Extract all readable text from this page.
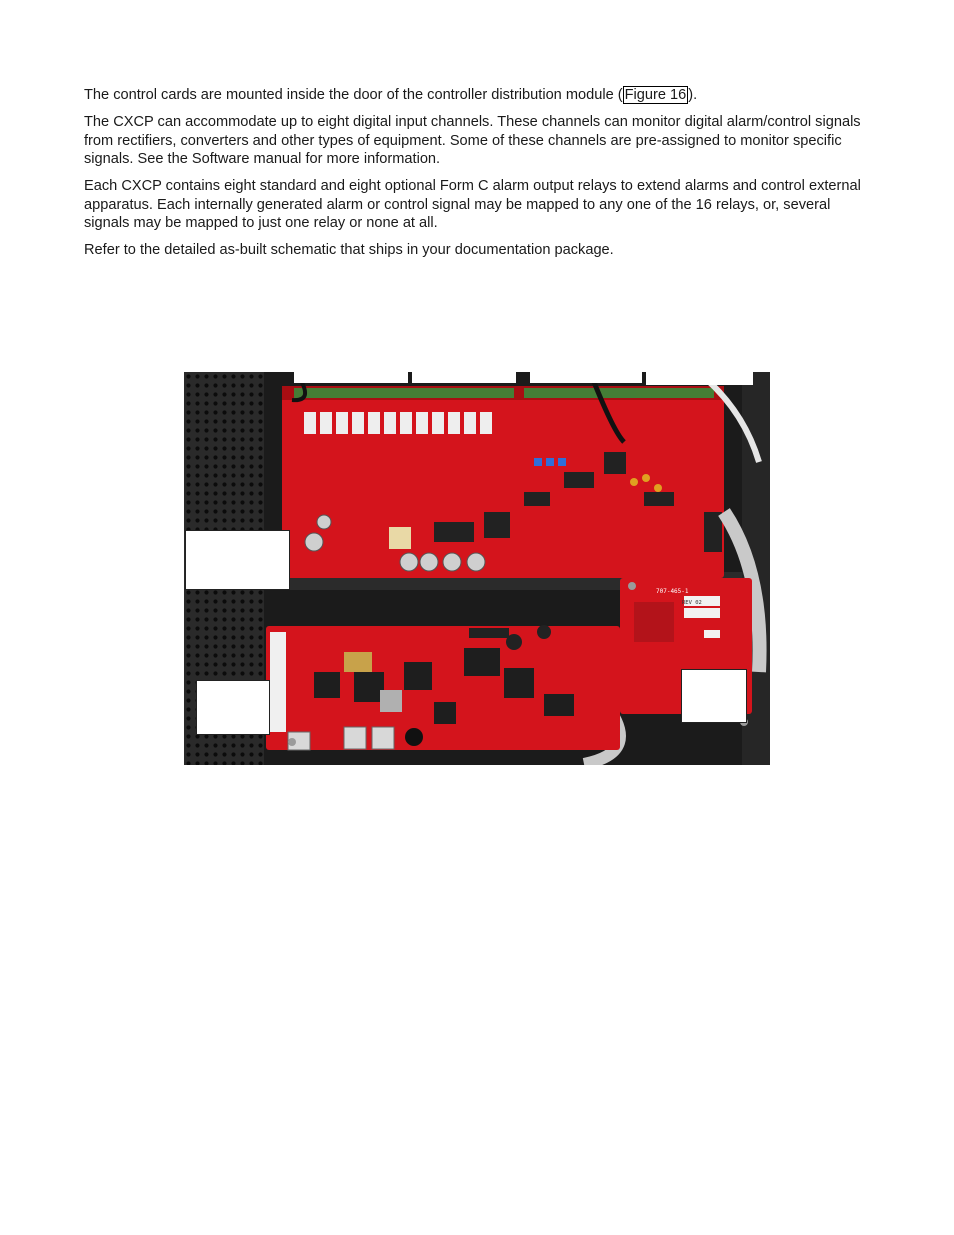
The control cards are mounted inside the door of the controller distribution module ( Figure 16 ).

The CXCP can accommodate up to eight digital input channels. These channels can monitor digital alarm/control signals from rectifiers, converters and other types of equipment. Some of these channels are pre-assigned to monitor specific signals. See the Software manual for more information.

Each CXCP contains eight standard and eight optional Form C alarm output relays to extend alarms and control external apparatus. Each internally generated alarm or control signal may be mapped to any one of the 16 relays, or, several signals may be mapped to just one relay or none at all.

Refer to the detailed as-built schematic that ships in your documentation package.

707-465-1
REV 02
